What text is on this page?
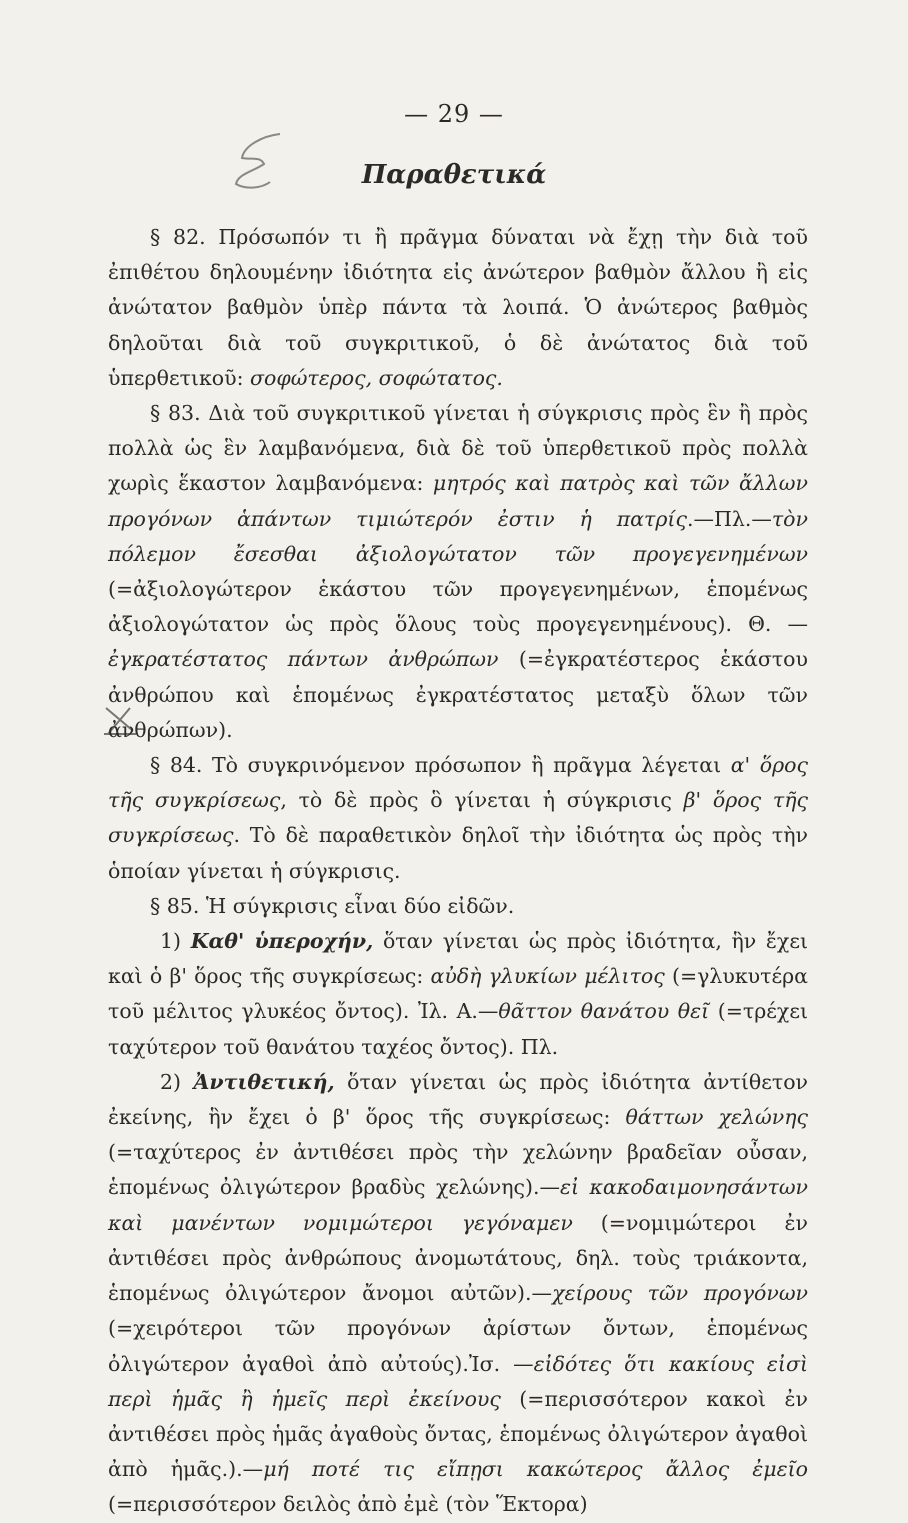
— 29 —
Παραθετικά

§ 82. Πρόσωπόν τι ἢ πρᾶγμα δύναται νὰ ἔχῃ τὴν διὰ τοῦ ἐπιθέτου δηλουμένην ἰδιότητα εἰς ἀνώτερον βαθμὸν ἄλλου ἢ εἰς ἀνώτατον βαθμὸν ὑπὲρ πάντα τὰ λοιπά. Ὁ ἀνώτερος βαθμὸς δηλοῦται διὰ τοῦ συγκριτικοῦ, ὁ δὲ ἀνώτατος διὰ τοῦ ὑπερθετικοῦ: σοφώτερος, σοφώτατος.

§ 83. Διὰ τοῦ συγκριτικοῦ γίνεται ἡ σύγκρισις πρὸς ἓν ἢ πρὸς πολλὰ ὡς ἓν λαμβανόμενα, διὰ δὲ τοῦ ὑπερθετικοῦ πρὸς πολλὰ χωρὶς ἕκαστον λαμβανόμενα: μητρός καὶ πατρὸς καὶ τῶν ἄλλων προγόνων ἁπάντων τιμιώτερόν ἐστιν ἡ πατρίς.—Πλ.—τὸν πόλεμον ἔσεσθαι ἀξιολογώτατον τῶν προγεγενημένων (=ἀξιολογώτερον ἑκάστου τῶν προγεγενημένων, ἑπομένως ἀξιολογώτατον ὡς πρὸς ὅλους τοὺς προγεγενημένους). Θ. —ἐγκρατέστατος πάντων ἀνθρώπων (=ἐγκρατέστερος ἑκάστου ἀνθρώπου καὶ ἑπομένως ἐγκρατέστατος μεταξὺ ὅλων τῶν ἀνθρώπων).

§ 84. Τὸ συγκρινόμενον πρόσωπον ἢ πρᾶγμα λέγεται α' ὅρος τῆς συγκρίσεως, τὸ δὲ πρὸς ὃ γίνεται ἡ σύγκρισις β' ὅρος τῆς συγκρίσεως. Τὸ δὲ παραθετικὸν δηλοῖ τὴν ἰδιότητα ὡς πρὸς τὴν ὁποίαν γίνεται ἡ σύγκρισις.

§ 85. Ἡ σύγκρισις εἶναι δύο εἰδῶν.

1) Καθ' ὑπεροχήν, ὅταν γίνεται ὡς πρὸς ἰδιότητα, ἣν ἔχει καὶ ὁ β' ὅρος τῆς συγκρίσεως: αὐδὴ γλυκίων μέλιτος (=γλυκυτέρα τοῦ μέλιτος γλυκέος ὄντος). Ἰλ. Α.—θᾶττον θανάτου θεῖ (=τρέχει ταχύτερον τοῦ θανάτου ταχέος ὄντος). Πλ.

2) Ἀντιθετική, ὅταν γίνεται ὡς πρὸς ἰδιότητα ἀντίθετον ἐκείνης, ἣν ἔχει ὁ β' ὅρος τῆς συγκρίσεως: θάττων χελώνης (=ταχύτερος ἐν ἀντιθέσει πρὸς τὴν χελώνην βραδεῖαν οὖσαν, ἑπομένως ὀλιγώτερον βραδὺς χελώνης).—εἰ κακοδαιμονησάντων καὶ μανέντων νομιμώτεροι γεγόναμεν (=νομιμώτεροι ἐν ἀντιθέσει πρὸς ἀνθρώπους ἀνομωτάτους, δηλ. τοὺς τριάκοντα, ἑπομένως ὀλιγώτερον ἄνομοι αὐτῶν).—χείρους τῶν προγόνων (=χειρότεροι τῶν προγόνων ἀρίστων ὄντων, ἑπομένως ὀλιγώτερον ἀγαθοὶ ἀπὸ αὐτούς).Ἰσ. —εἰδότες ὅτι κακίους εἰσὶ περὶ ἡμᾶς ἢ ἡμεῖς περὶ ἐκείνους (=περισσότερον κακοὶ ἐν ἀντιθέσει πρὸς ἡμᾶς ἀγαθοὺς ὄντας, ἑπομένως ὀλιγώτερον ἀγαθοὶ ἀπὸ ἡμᾶς.).—μή ποτέ τις εἴπῃσι κακώτερος ἄλλος ἐμεῖο (=περισσότερον δειλὸς ἀπὸ ἐμὲ (τὸν Ἕκτορα)
